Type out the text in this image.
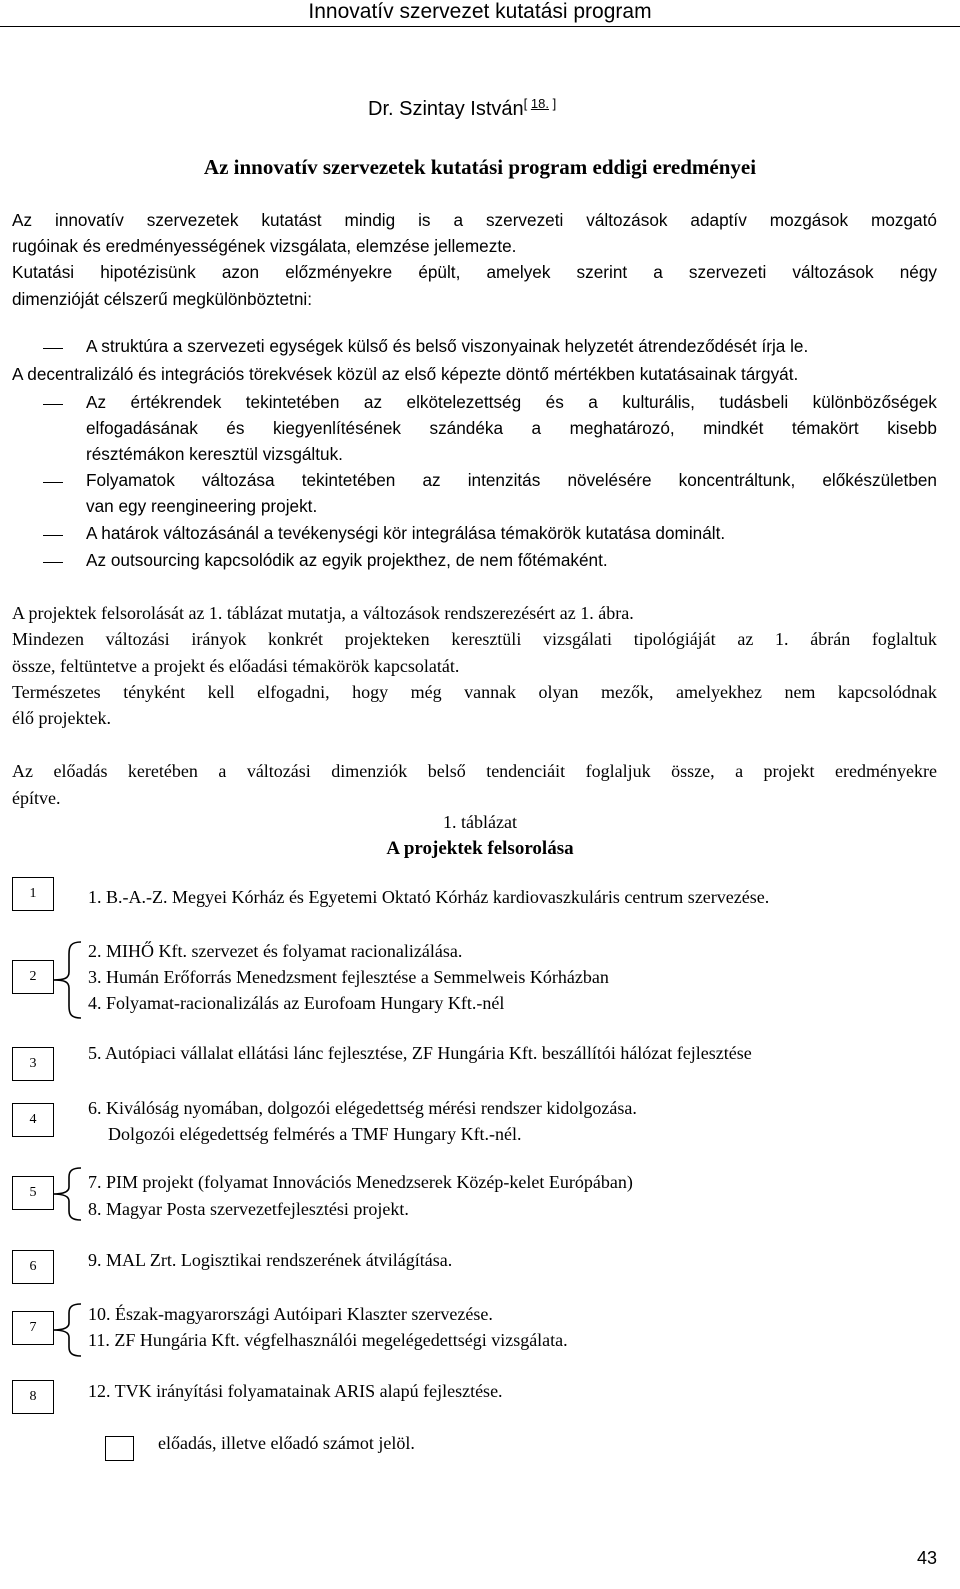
Innovatív szervezet kutatási program
Dr. Szintay István[ 18. ]
Az innovatív szervezetek kutatási program eddigi eredményei
Az innovatív szervezetek kutatást mindig is a szervezeti változások adaptív mozgások mozgató
rugóinak és eredményességének vizsgálata, elemzése jellemezte.
Kutatási hipotézisünk azon előzményekre épült, amelyek szerint a szervezeti változások négy
dimenzióját célszerű megkülönböztetni:
A struktúra a szervezeti egységek külső és belső viszonyainak helyzetét átrendeződését írja le.
A decentralizáló és integrációs törekvések közül az első képezte döntő mértékben kutatásainak tárgyát.
Az értékrendek tekintetében az elkötelezettség és a kulturális, tudásbeli különbözőségek
elfogadásának és kiegyenlítésének szándéka a meghatározó, mindkét témakört kisebb
résztémákon keresztül vizsgáltuk.
Folyamatok változása tekintetében az intenzitás növelésére koncentráltunk, előkészületben
van egy reengineering projekt.
A határok változásánál a tevékenységi kör integrálása témakörök kutatása dominált.
Az outsourcing kapcsolódik az egyik projekthez, de nem főtémaként.
A projektek felsorolását az 1. táblázat mutatja, a változások rendszerezésért az 1. ábra.
Mindezen változási irányok konkrét projekteken keresztüli vizsgálati tipológiáját az 1. ábrán foglaltuk
össze, feltüntetve a projekt és előadási témakörök kapcsolatát.
Természetes tényként kell elfogadni, hogy még vannak olyan mezők, amelyekhez nem kapcsolódnak
élő projektek.
Az előadás keretében a változási dimenziók belső tendenciáit foglaljuk össze, a projekt eredményekre
építve.
1. táblázat
A projektek felsorolása
1
2
3
4
5
6
7
8
1. B.-A.-Z. Megyei Kórház és Egyetemi Oktató Kórház kardiovaszkuláris centrum szervezése.
2. MIHŐ Kft. szervezet és folyamat racionalizálása.
3. Humán Erőforrás Menedzsment fejlesztése a Semmelweis Kórházban
4. Folyamat-racionalizálás az Eurofoam Hungary Kft.-nél
5. Autópiaci vállalat ellátási lánc fejlesztése, ZF Hungária Kft. beszállítói hálózat fejlesztése
6. Kiválóság nyomában, dolgozói elégedettség mérési rendszer kidolgozása.
Dolgozói elégedettség felmérés a TMF Hungary Kft.-nél.
7. PIM projekt (folyamat Innovációs Menedzserek Közép-kelet Európában)
8. Magyar Posta szervezetfejlesztési projekt.
9. MAL Zrt. Logisztikai rendszerének átvilágítása.
10. Észak-magyarországi Autóipari Klaszter szervezése.
11. ZF Hungária Kft. végfelhasználói megelégedettségi vizsgálata.
12. TVK irányítási folyamatainak ARIS alapú fejlesztése.
előadás, illetve előadó számot jelöl.
43
